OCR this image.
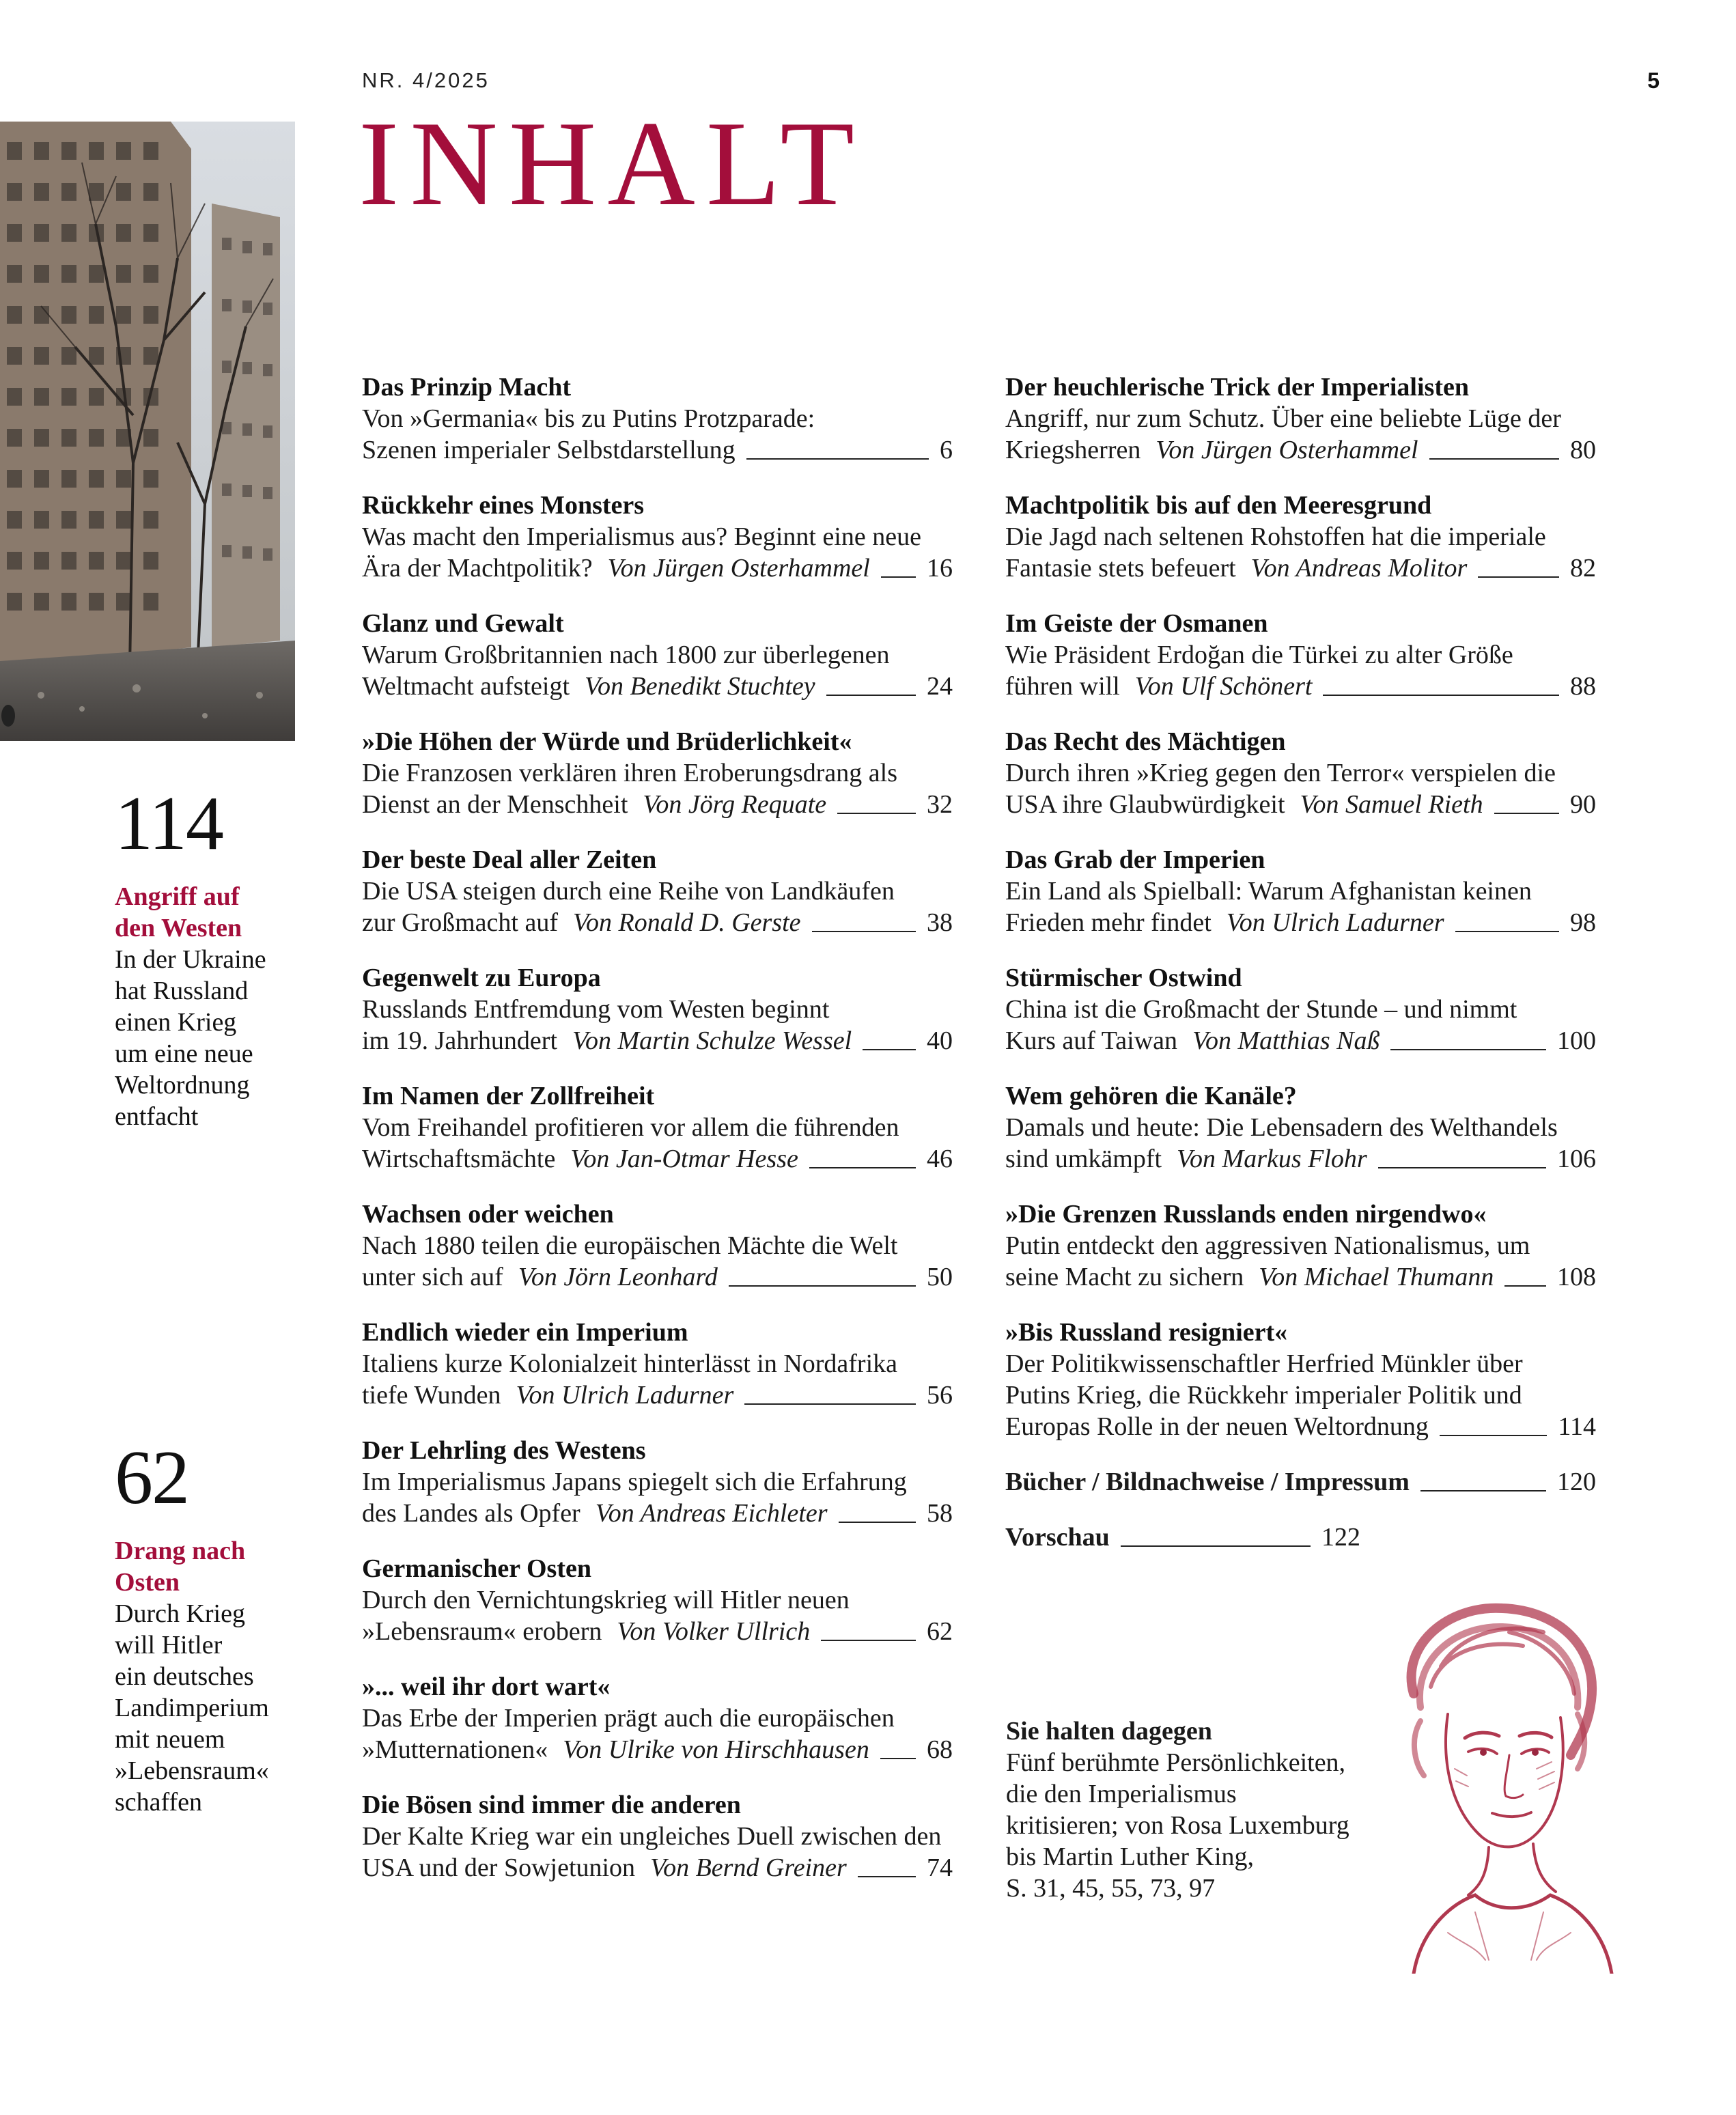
NR. 4/2025	5
INHALT
114
Angriff auf
den Westen
In der Ukraine
hat Russland
einen Krieg
um eine neue
Weltordnung
entfacht
62
Drang nach
Osten
Durch Krieg
will Hitler
ein deutsches
Landimperium
mit neuem
»Lebensraum«
schaffen
Das Prinzip Macht
Von »Germania« bis zu Putins Protzparade:
Szenen imperialer Selbstdarstellung	6
Rückkehr eines Monsters
Was macht den Imperialismus aus? Beginnt eine neue
Ära der Machtpolitik? Von Jürgen Osterhammel 16
Glanz und Gewalt
Warum Großbritannien nach 1800 zur überlegenen
Weltmacht aufsteigt Von Benedikt Stuchtey	24
»Die Höhen der Würde und Brüderlichkeit«
Die Franzosen verklären ihren Eroberungsdrang als
Dienst an der Menschheit Von Jörg Requate	32
Der beste Deal aller Zeiten
Die USA steigen durch eine Reihe von Landkäufen
zur Großmacht auf Von Ronald D. Gerste	38
Gegenwelt zu Europa
Russlands Entfremdung vom Westen beginnt
im 19. Jahrhundert Von Martin Schulze Wessel	40
Im Namen der Zollfreiheit
Vom Freihandel profitieren vor allem die führenden
Wirtschaftsmächte Von Jan-Otmar Hesse	46
Wachsen oder weichen
Nach 1880 teilen die europäischen Mächte die Welt
unter sich auf Von Jörn Leonhard	50
Endlich wieder ein Imperium
Italiens kurze Kolonialzeit hinterlässt in Nordafrika
tiefe Wunden Von Ulrich Ladurner	56
Der Lehrling des Westens
Im Imperialismus Japans spiegelt sich die Erfahrung
des Landes als Opfer Von Andreas Eichleter	58
Germanischer Osten
Durch den Vernichtungskrieg will Hitler neuen
»Lebensraum« erobern Von Volker Ullrich	62
»... weil ihr dort wart«
Das Erbe der Imperien prägt auch die europäischen
»Mutternationen« Von Ulrike von Hirschhausen 68
Die Bösen sind immer die anderen
Der Kalte Krieg war ein ungleiches Duell zwischen den
USA und der Sowjetunion Von Bernd Greiner	74
Der heuchlerische Trick der Imperialisten
Angriff, nur zum Schutz. Über eine beliebte Lüge der
Kriegsherren Von Jürgen Osterhammel	80
Machtpolitik bis auf den Meeresgrund
Die Jagd nach seltenen Rohstoffen hat die imperiale
Fantasie stets befeuert Von Andreas Molitor	82
Im Geiste der Osmanen
Wie Präsident Erdoğan die Türkei zu alter Größe
führen will Von Ulf Schönert	88
Das Recht des Mächtigen
Durch ihren »Krieg gegen den Terror« verspielen die
USA ihre Glaubwürdigkeit Von Samuel Rieth	90
Das Grab der Imperien
Ein Land als Spielball: Warum Afghanistan keinen
Frieden mehr findet Von Ulrich Ladurner	98
Stürmischer Ostwind
China ist die Großmacht der Stunde – und nimmt
Kurs auf Taiwan Von Matthias Naß	100
Wem gehören die Kanäle?
Damals und heute: Die Lebensadern des Welthandels
sind umkämpft Von Markus Flohr	106
»Die Grenzen Russlands enden nirgendwo«
Putin entdeckt den aggressiven Nationalismus, um
seine Macht zu sichern Von Michael Thumann 108
»Bis Russland resigniert«
Der Politikwissenschaftler Herfried Münkler über
Putins Krieg, die Rückkehr imperialer Politik und
Europas Rolle in der neuen Weltordnung	114
Bücher / Bildnachweise / Impressum	120
Vorschau	122
Sie halten dagegen
Fünf berühmte Persönlichkeiten,
die den Imperialismus
kritisieren; von Rosa Luxemburg
bis Martin Luther King,
S. 31, 45, 55, 73, 97
